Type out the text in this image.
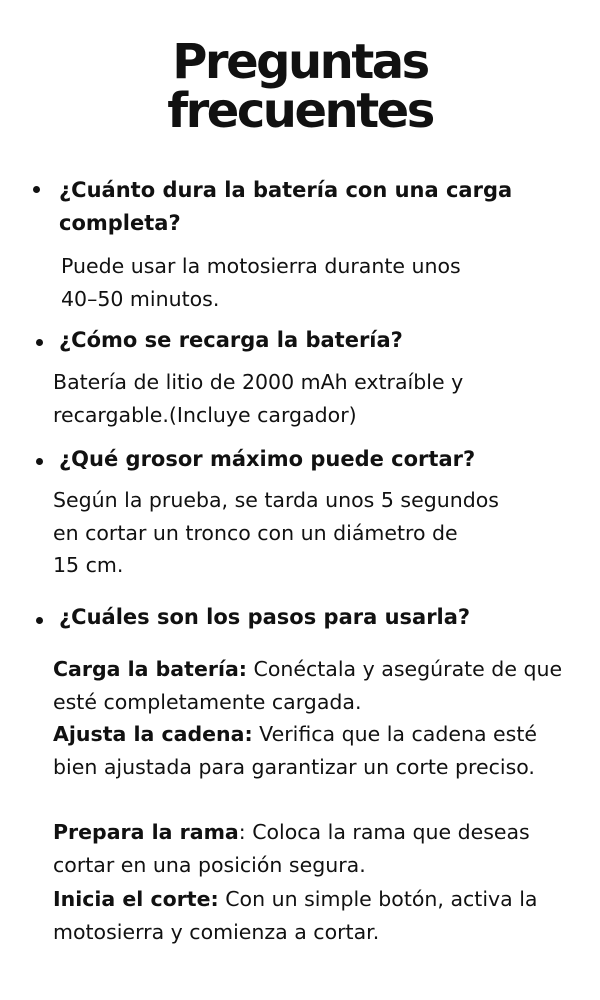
Preguntas
frecuentes
¿Cuánto dura la batería con una carga
completa?
Puede usar la motosierra durante unos
40–50 minutos.
¿Cómo se recarga la batería?
Batería de litio de 2000 mAh extraíble y
recargable.(Incluye cargador)
¿Qué grosor máximo puede cortar?
Según la prueba, se tarda unos 5 segundos
en cortar un tronco con un diámetro de
15 cm.
¿Cuáles son los pasos para usarla?
Carga la batería: Conéctala y asegúrate de que esté completamente cargada.
Ajusta la cadena: Verifica que la cadena esté bien ajustada para garantizar un corte preciso.
Prepara la rama: Coloca la rama que deseas cortar en una posición segura.
Inicia el corte: Con un simple botón, activa la motosierra y comienza a cortar.
